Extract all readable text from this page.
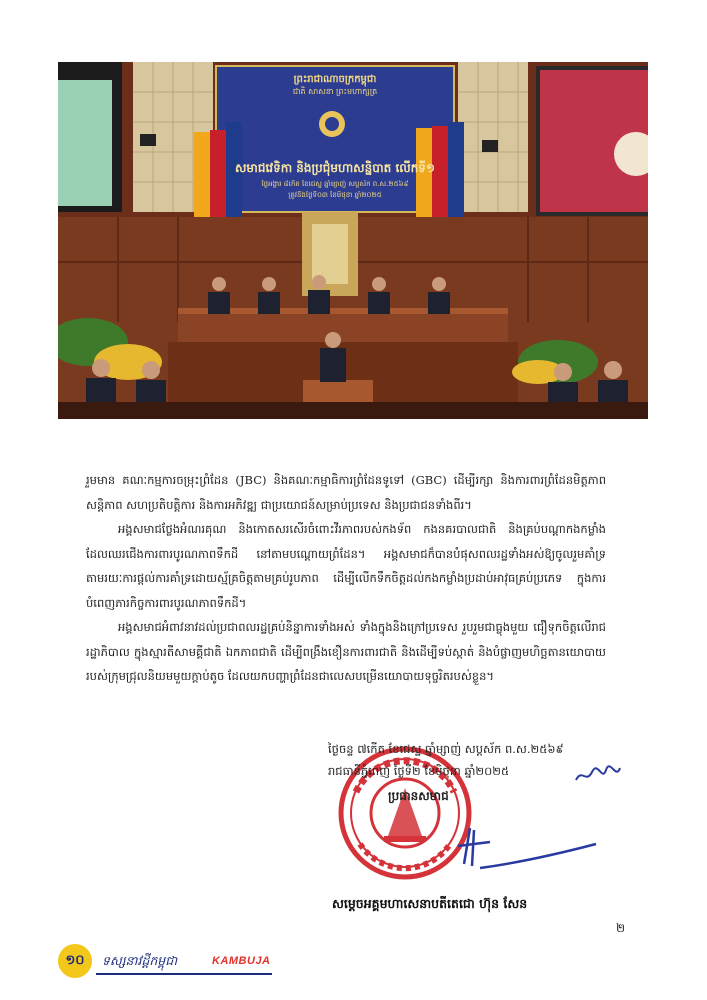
ព្រះរាជាណាចក្រកម្ពុជា
ជាតិ សាសនា ព្រះមហាក្សត្រ
សមាជវេទិកា និងប្រជុំមហាសន្និបាត លើកទី១
ថ្ងៃអង្គារ ៨កើត ខែជេស្ឋ ឆ្នាំម្សាញ់ សប្តស័ក ព.ស.២៥៦៩
ត្រូវនឹងថ្ងៃទី០៣ ខែមិថុនា ឆ្នាំ២០២៥

រួមមាន គណៈកម្មការចម្រុះព្រំដែន (JBC) និងគណៈកម្មាធិការព្រំដែនទូទៅ (GBC) ដើម្បីរក្សា និងការពារព្រំដែនមិត្តភាព សន្តិភាព សហប្រតិបត្តិការ និងការអភិវឌ្ឍ ជាប្រយោជន៍សម្រាប់ប្រទេស និងប្រជាជនទាំងពីរ។

អង្គសមាជថ្លែងអំណរគុណ និងកោតសរសើរចំពោះវីរភាពរបស់កងទ័ព កងនគរបាលជាតិ និងគ្រប់បណ្តាកងកម្លាំង ដែលឈរជើងការពារបូរណភាពទឹកដី នៅតាមបណ្តោយព្រំដែន។ អង្គសមាជក៏បានបំផុសពលរដ្ឋទាំងអស់ឱ្យចូលរួមគាំទ្រ តាមរយៈការផ្តល់ការគាំទ្រដោយស្ម័គ្រចិត្តតាមគ្រប់រូបភាព ដើម្បីលើកទឹកចិត្តដល់កងកម្លាំងប្រដាប់អាវុធគ្រប់ប្រភេទ ក្នុងការបំពេញភារកិច្ចការពារបូរណភាពទឹកដី។

អង្គសមាជអំពាវនាវដល់ប្រជាពលរដ្ឋគ្រប់និន្នាការទាំងអស់ ទាំងក្នុងនិងក្រៅប្រទេស រួបរួមជាធ្លុងមួយ ជឿទុកចិត្តលើរាជរដ្ឋាភិបាល ក្នុងស្មារតីសាមគ្គីជាតិ ឯកភាពជាតិ ដើម្បីពង្រឹងខឿនការពារជាតិ និងដើម្បីទប់ស្កាត់ និងបំផ្លាញមហិច្ឆតានយោបាយរបស់ក្រុមជ្រុលនិយមមួយក្តាប់តូច ដែលយកបញ្ហាព្រំដែនជាលេសបម្រើនយោបាយទុច្ចរិតរបស់ខ្លួន។

ថ្ងៃចន្ទ ៧កើត ខែជេស្ឋ ឆ្នាំម្សាញ់ សប្តស័ក ព.ស.២៥៦៩
រាជធានីភ្នំពេញ ថ្ងៃទី២ ខែមិថុនា ឆ្នាំ២០២៥
ប្រធានសមាជ
សម្តេចអគ្គមហាសេនាបតីតេជោ ហ៊ុន សែន
២
១០	ទស្សនាវដ្តីកម្ពុជា	KAMBUJA
